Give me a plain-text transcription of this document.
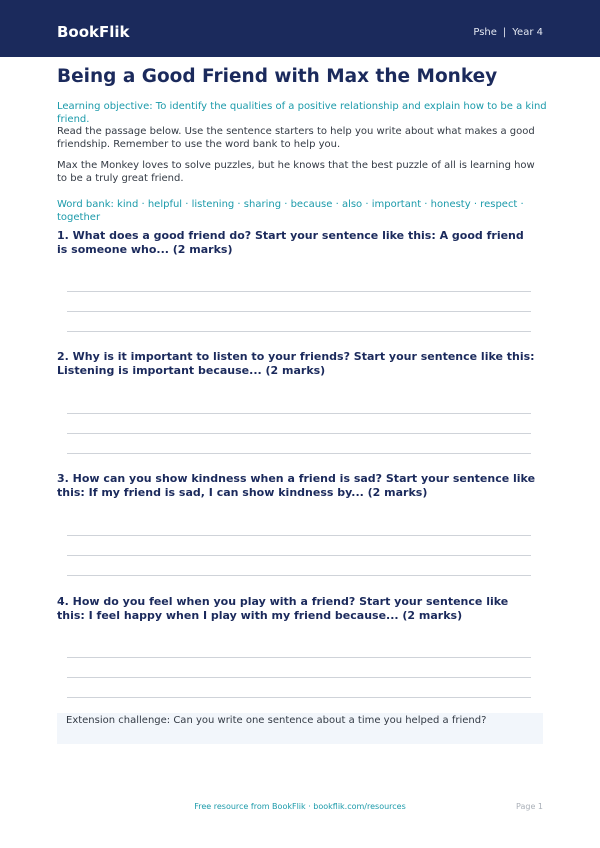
BookFlik	Pshe | Year 4
Being a Good Friend with Max the Monkey

Learning objective: To identify the qualities of a positive relationship and explain how to be a kind friend.

Read the passage below. Use the sentence starters to help you write about what makes a good friendship. Remember to use the word bank to help you.

Max the Monkey loves to solve puzzles, but he knows that the best puzzle of all is learning how to be a truly great friend.

Word bank: kind · helpful · listening · sharing · because · also · important · honesty · respect · together

1. What does a good friend do? Start your sentence like this: A good friend is someone who... (2 marks)

2. Why is it important to listen to your friends? Start your sentence like this: Listening is important because... (2 marks)

3. How can you show kindness when a friend is sad? Start your sentence like this: If my friend is sad, I can show kindness by... (2 marks)

4. How do you feel when you play with a friend? Start your sentence like this: I feel happy when I play with my friend because... (2 marks)

Extension challenge: Can you write one sentence about a time you helped a friend?
Free resource from BookFlik · bookflik.com/resources	Page 1
